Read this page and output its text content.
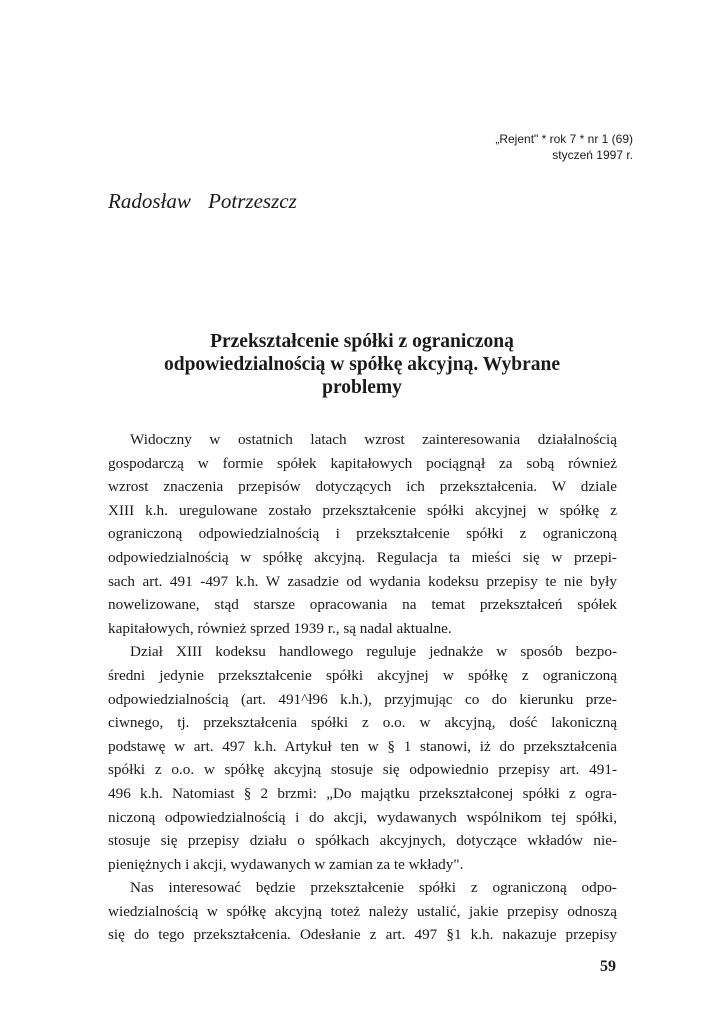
„Rejent" * rok 7 * nr 1 (69)
styczeń 1997 r.
Radosław Potrzeszcz
Przekształcenie spółki z ograniczoną
odpowiedzialnością w spółkę akcyjną. Wybrane
problemy
Widoczny w ostatnich latach wzrost zainteresowania działalnością
gospodarczą w formie spółek kapitałowych pociągnął za sobą również
wzrost znaczenia przepisów dotyczących ich przekształcenia. W dziale
XIII k.h. uregulowane zostało przekształcenie spółki akcyjnej w spółkę z
ograniczoną odpowiedzialnością i przekształcenie spółki z ograniczoną
odpowiedzialnością w spółkę akcyjną. Regulacja ta mieści się w przepi-
sach art. 491 -497 k.h. W zasadzie od wydania kodeksu przepisy te nie były
nowelizowane, stąd starsze opracowania na temat przekształceń spółek
kapitałowych, również sprzed 1939 r., są nadal aktualne.
Dział XIII kodeksu handlowego reguluje jednakże w sposób bezpo-
średni jedynie przekształcenie spółki akcyjnej w spółkę z ograniczoną
odpowiedzialnością (art. 491^ł96 k.h.), przyjmując co do kierunku prze-
ciwnego, tj. przekształcenia spółki z o.o. w akcyjną, dość lakoniczną
podstawę w art. 497 k.h. Artykuł ten w § 1 stanowi, iż do przekształcenia
spółki z o.o. w spółkę akcyjną stosuje się odpowiednio przepisy art. 491-
496 k.h. Natomiast § 2 brzmi: „Do majątku przekształconej spółki z ogra-
niczoną odpowiedzialnością i do akcji, wydawanych wspólnikom tej spółki,
stosuje się przepisy działu o spółkach akcyjnych, dotyczące wkładów nie-
pieniężnych i akcji, wydawanych w zamian za te wkłady".
Nas interesować będzie przekształcenie spółki z ograniczoną odpo-
wiedzialnością w spółkę akcyjną toteż należy ustalić, jakie przepisy odnoszą
się do tego przekształcenia. Odesłanie z art. 497 §1 k.h. nakazuje przepisy
59
